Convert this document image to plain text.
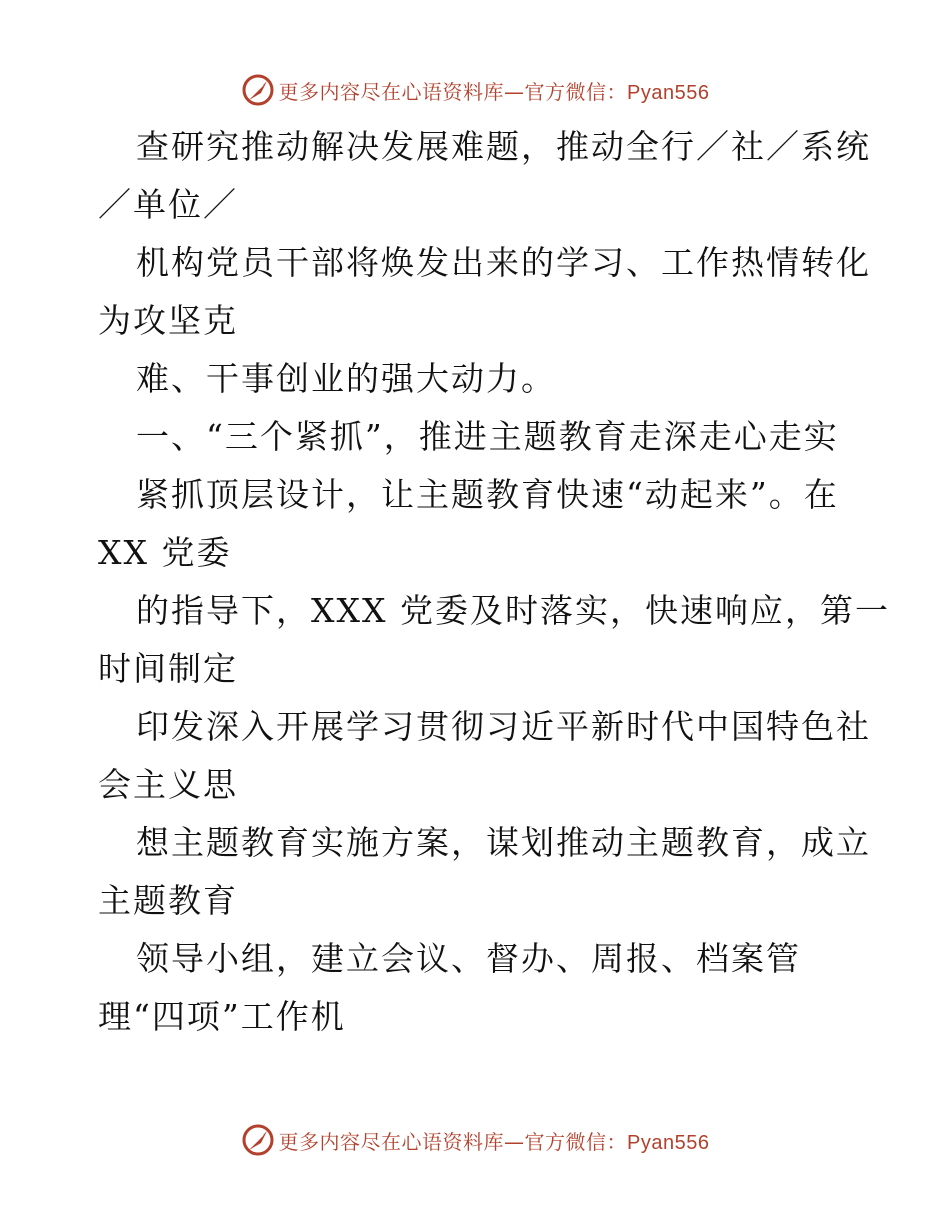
更多内容尽在心语资料库—官方微信：Pyan556
查研究推动解决发展难题，推动全行／社／系统
／单位／
机构党员干部将焕发出来的学习、工作热情转化
为攻坚克
难、干事创业的强大动力。
一、“三个紧抓”，推进主题教育走深走心走实
紧抓顶层设计，让主题教育快速“动起来”。在
XX 党委
的指导下，XXX 党委及时落实，快速响应，第一
时间制定
印发深入开展学习贯彻习近平新时代中国特色社
会主义思
想主题教育实施方案，谋划推动主题教育，成立
主题教育
领导小组，建立会议、督办、周报、档案管
理“四项”工作机
更多内容尽在心语资料库—官方微信：Pyan556
